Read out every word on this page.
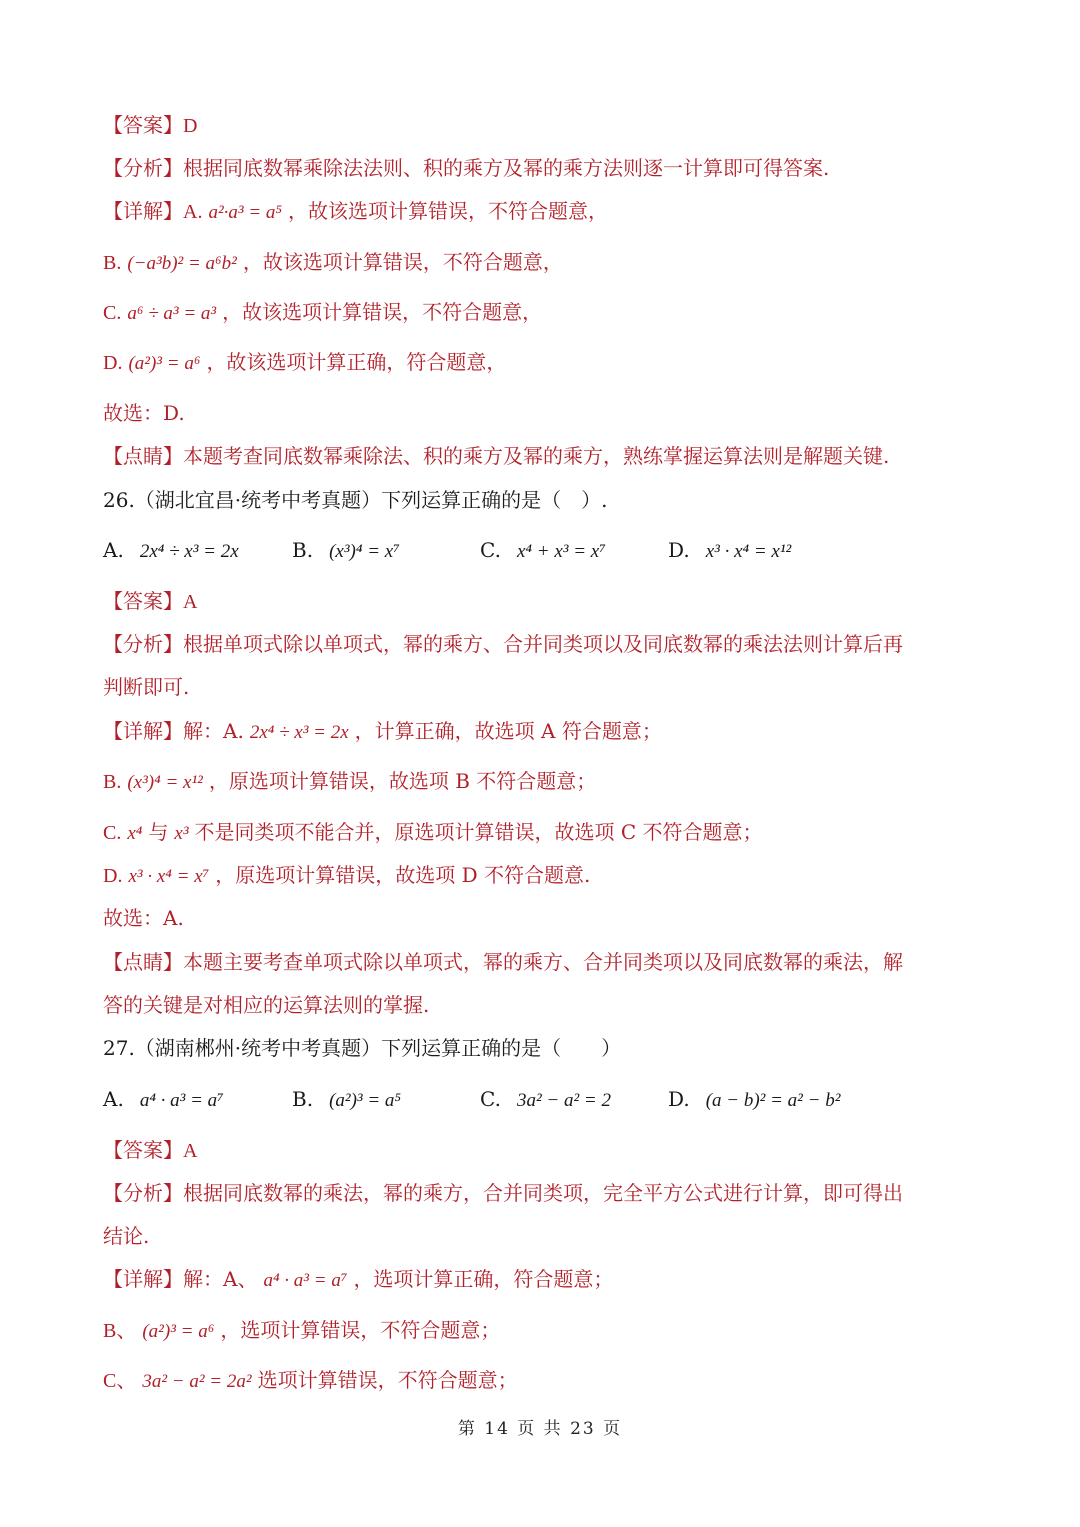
【答案】D
【分析】根据同底数幂乘除法法则、积的乘方及幂的乘方法则逐一计算即可得答案.
【详解】A. a²·a³ = a⁵ ，故该选项计算错误，不符合题意，
B. (−a³b)² = a⁶b² ，故该选项计算错误，不符合题意，
C. a⁶ ÷ a³ = a³ ，故该选项计算错误，不符合题意，
D. (a²)³ = a⁶ ，故该选项计算正确，符合题意，
故选：D.
【点睛】本题考查同底数幂乘除法、积的乘方及幂的乘方，熟练掌握运算法则是解题关键.
26.（湖北宜昌·统考中考真题）下列运算正确的是（　）.
A. 2x⁴ ÷ x³ = 2x	B. (x³)⁴ = x⁷	C. x⁴ + x³ = x⁷	D. x³ · x⁴ = x¹²
【答案】A
【分析】根据单项式除以单项式，幂的乘方、合并同类项以及同底数幂的乘法法则计算后再
判断即可.
【详解】解：A. 2x⁴ ÷ x³ = 2x ，计算正确，故选项 A 符合题意；
B. (x³)⁴ = x¹² ，原选项计算错误，故选项 B 不符合题意；
C. x⁴ 与 x³ 不是同类项不能合并，原选项计算错误，故选项 C 不符合题意；
D. x³ · x⁴ = x⁷ ，原选项计算错误，故选项 D 不符合题意.
故选：A.
【点睛】本题主要考查单项式除以单项式，幂的乘方、合并同类项以及同底数幂的乘法，解
答的关键是对相应的运算法则的掌握.
27.（湖南郴州·统考中考真题）下列运算正确的是（　　）
A. a⁴ · a³ = a⁷	B. (a²)³ = a⁵	C. 3a² − a² = 2	D. (a − b)² = a² − b²
【答案】A
【分析】根据同底数幂的乘法，幂的乘方，合并同类项，完全平方公式进行计算，即可得出
结论.
【详解】解：A、 a⁴ · a³ = a⁷ ，选项计算正确，符合题意；
B、 (a²)³ = a⁶ ，选项计算错误，不符合题意；
C、 3a² − a² = 2a² 选项计算错误，不符合题意；
第 14 页 共 23 页
